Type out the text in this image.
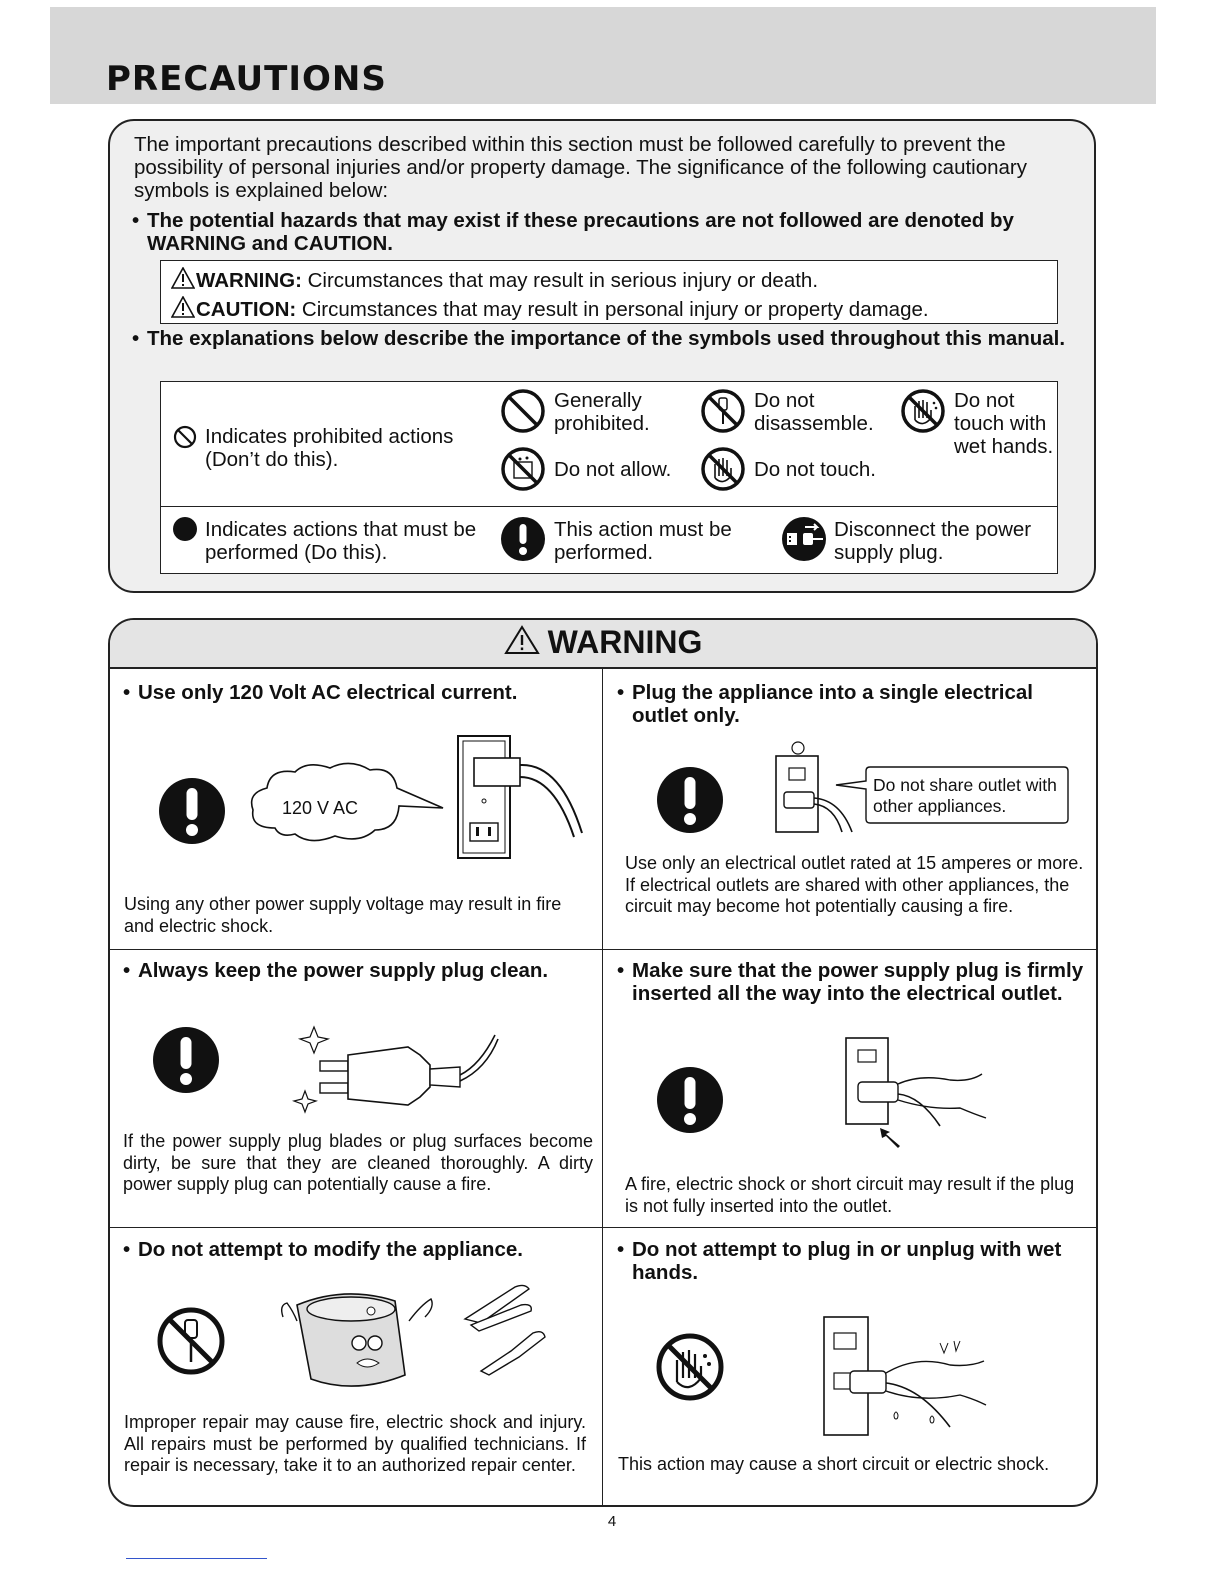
PRECAUTIONS
The important precautions described within this section must be followed carefully to prevent the possibility of personal injuries and/or property damage. The significance of the following cautionary symbols is explained below:
• The potential hazards that may exist if these precautions are not followed are denoted by WARNING and CAUTION.
WARNING: Circumstances that may result in serious injury or death.
CAUTION: Circumstances that may result in personal injury or property damage.
• The explanations below describe the importance of the symbols used throughout this manual.
Indicates prohibited actions (Don’t do this).
Generally prohibited.
Do not disassemble.
Do not touch with wet hands.
Do not allow.	Do not touch.
Indicates actions that must be performed (Do this).
This action must be performed.
Disconnect the power supply plug.
WARNING
• Use only 120 Volt AC electrical current.
120 V AC
Using any other power supply voltage may result in fire and electric shock.
• Plug the appliance into a single electrical outlet only.
Do not share outlet with other appliances.
Use only an electrical outlet rated at 15 amperes or more. If electrical outlets are shared with other appliances, the circuit may become hot potentially causing a fire.
• Always keep the power supply plug clean.
If the power supply plug blades or plug surfaces become dirty, be sure that they are cleaned thoroughly. A dirty power supply plug can potentially cause a fire.
• Make sure that the power supply plug is firmly inserted all the way into the electrical outlet.
A fire, electric shock or short circuit may result if the plug is not fully inserted into the outlet.
• Do not attempt to modify the appliance.
Improper repair may cause fire, electric shock and injury. All repairs must be performed by qualified technicians. If repair is necessary, take it to an authorized repair center.
• Do not attempt to plug in or unplug with wet hands.
This action may cause a short circuit or electric shock.
4
